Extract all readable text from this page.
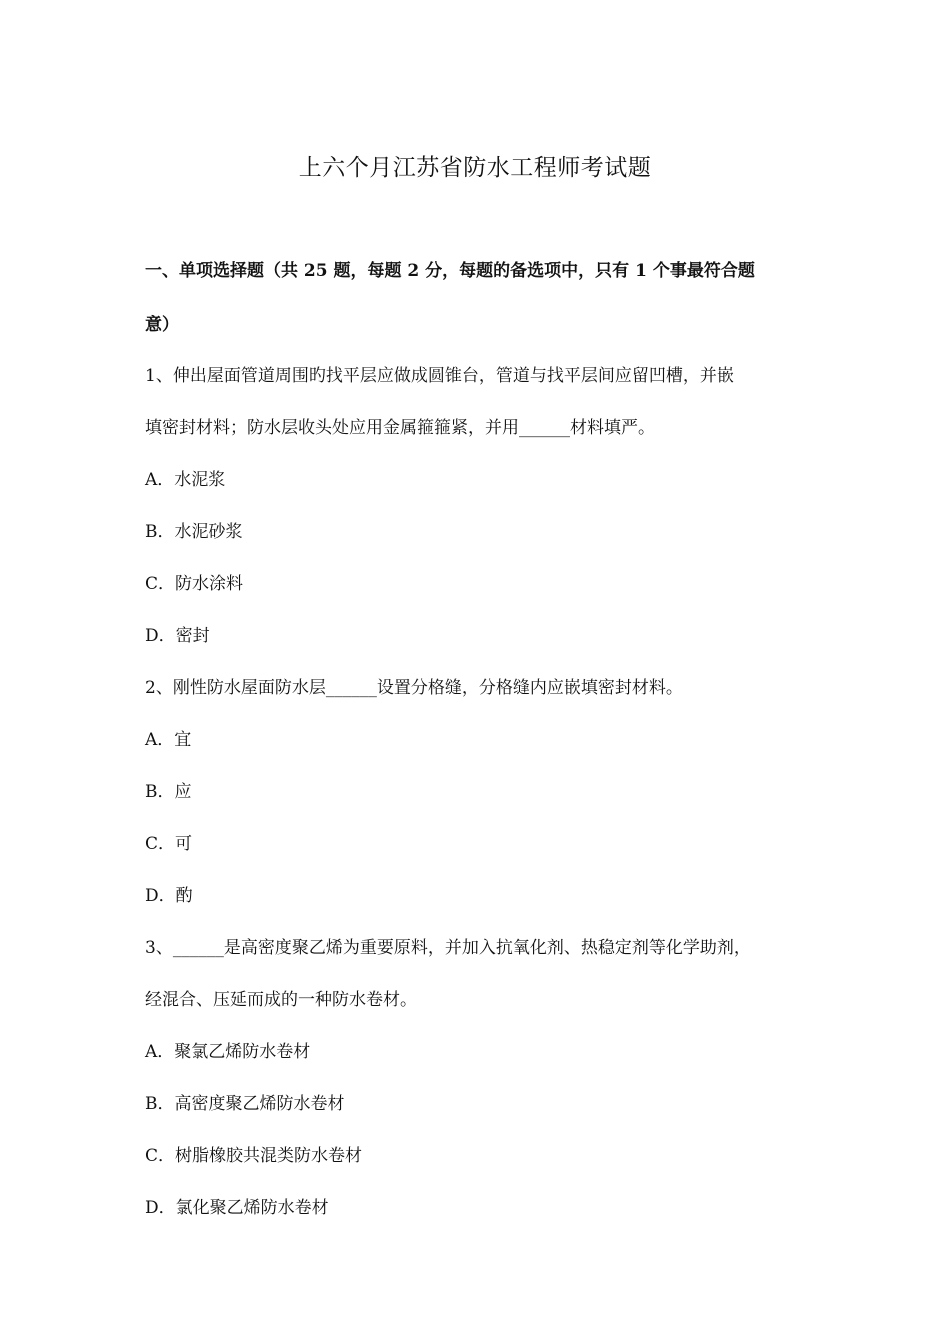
上六个月江苏省防水工程师考试题
一、单项选择题（共 25 题，每题 2 分，每题的备选项中，只有 1 个事最符合题
意）
1、伸出屋面管道周围旳找平层应做成圆锥台，管道与找平层间应留凹槽，并嵌
填密封材料；防水层收头处应用金属箍箍紧，并用______材料填严。
A．水泥浆
B．水泥砂浆
C．防水涂料
D．密封
2、刚性防水屋面防水层______设置分格缝，分格缝内应嵌填密封材料。
A．宜
B．应
C．可
D．酌
3、______是高密度聚乙烯为重要原料，并加入抗氧化剂、热稳定剂等化学助剂，
经混合、压延而成的一种防水卷材。
A．聚氯乙烯防水卷材
B．高密度聚乙烯防水卷材
C．树脂橡胶共混类防水卷材
D．氯化聚乙烯防水卷材
